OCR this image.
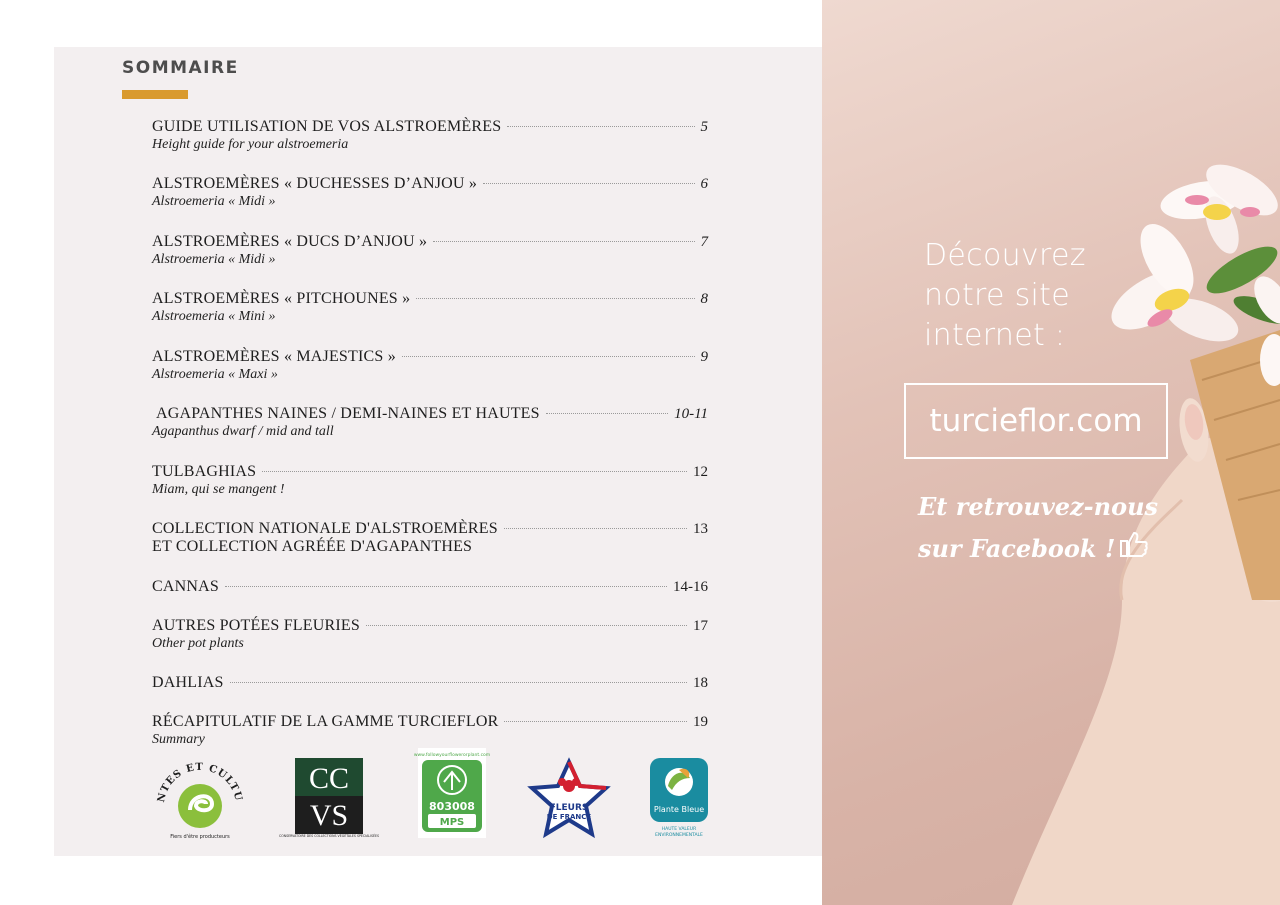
SOMMAIRE
GUIDE UTILISATION DE VOS ALSTROEMÈRES	5
Height guide for your alstroemeria
ALSTROEMÈRES « DUCHESSES D’ANJOU »	6
Alstroemeria « Midi »
ALSTROEMÈRES « DUCS D’ANJOU »	7
Alstroemeria « Midi »
ALSTROEMÈRES « PITCHOUNES »	8
Alstroemeria « Mini »
ALSTROEMÈRES « MAJESTICS »	9
Alstroemeria « Maxi »
AGAPANTHES NAINES / DEMI-NAINES ET HAUTES	10-11
Agapanthus dwarf / mid and tall
TULBAGHIAS	12
Miam, qui se mangent !
COLLECTION NATIONALE D'ALSTROEMÈRES	13
ET COLLECTION AGRÉÉE D'AGAPANTHES
CANNAS	14-16
AUTRES POTÉES FLEURIES	17
Other pot plants
DAHLIAS	18
RÉCAPITULATIF DE LA GAMME TURCIEFLOR	19
Summary
NTES ET CULTU
Fiers d'être producteurs
CC
VS
CONSERVATOIRE DES COLLECTIONS VÉGÉTALES SPÉCIALISÉES
www.followyourflowerorplant.com
803008
MPS
FLEURS
DE FRANCE
Plante Bleue
HAUTE VALEUR
ENVIRONNEMENTALE
Découvrez
notre site
internet :
turcieflor.com
Et retrouvez-nous
sur Facebook !
